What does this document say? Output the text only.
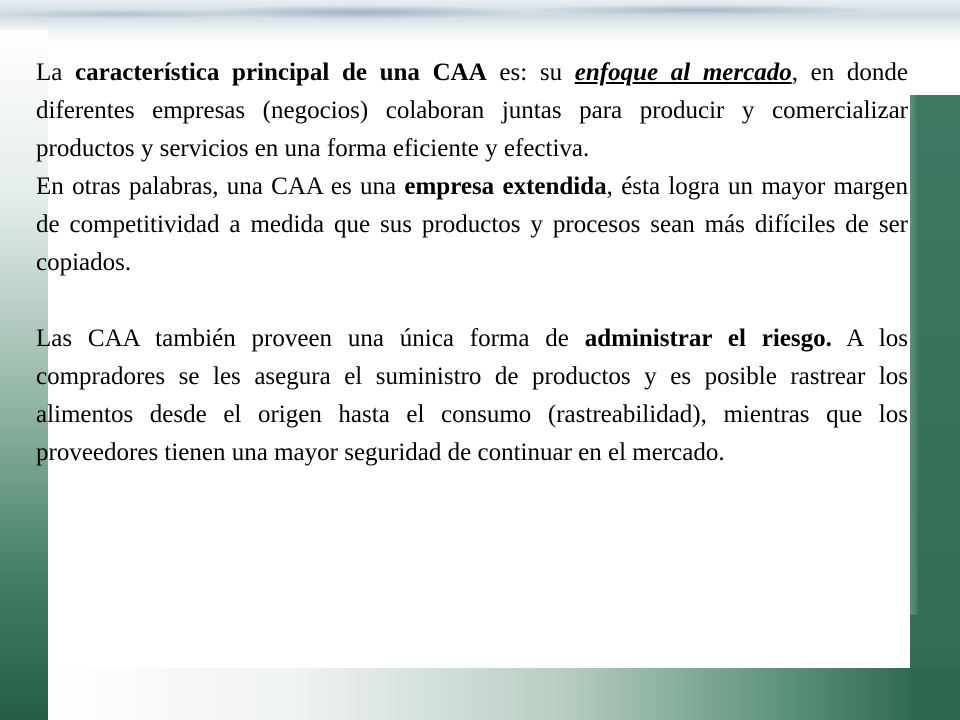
La característica principal de una CAA es: su enfoque al mercado, en donde diferentes empresas (negocios) colaboran juntas para producir y comercializar productos y servicios en una forma eficiente y efectiva.

En otras palabras, una CAA es una empresa extendida, ésta logra un mayor margen de competitividad a medida que sus productos y procesos sean más difíciles de ser copiados.

Las CAA también proveen una única forma de administrar el riesgo. A los compradores se les asegura el suministro de productos y es posible rastrear los alimentos desde el origen hasta el consumo (rastreabilidad), mientras que los proveedores tienen una mayor seguridad de continuar en el mercado.
